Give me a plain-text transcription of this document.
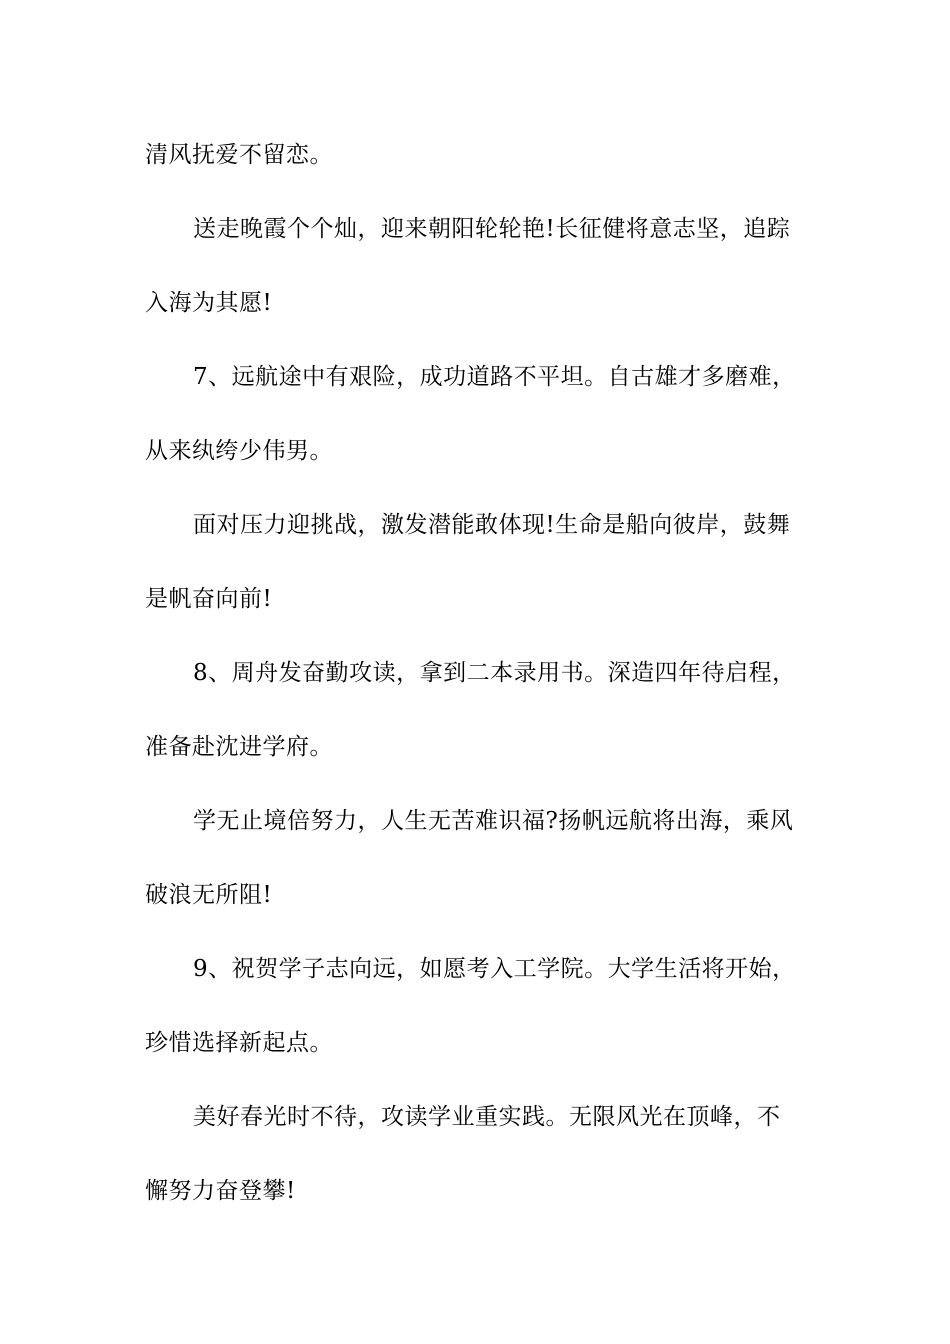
清风抚爱不留恋。
送走晚霞个个灿，迎来朝阳轮轮艳!长征健将意志坚，追踪
入海为其愿!
7、远航途中有艰险，成功道路不平坦。自古雄才多磨难，
从来纨绔少伟男。
面对压力迎挑战，激发潜能敢体现!生命是船向彼岸，鼓舞
是帆奋向前!
8、周舟发奋勤攻读，拿到二本录用书。深造四年待启程，
准备赴沈进学府。
学无止境倍努力，人生无苦难识福?扬帆远航将出海，乘风
破浪无所阻!
9、祝贺学子志向远，如愿考入工学院。大学生活将开始，
珍惜选择新起点。
美好春光时不待，攻读学业重实践。无限风光在顶峰，不
懈努力奋登攀!
